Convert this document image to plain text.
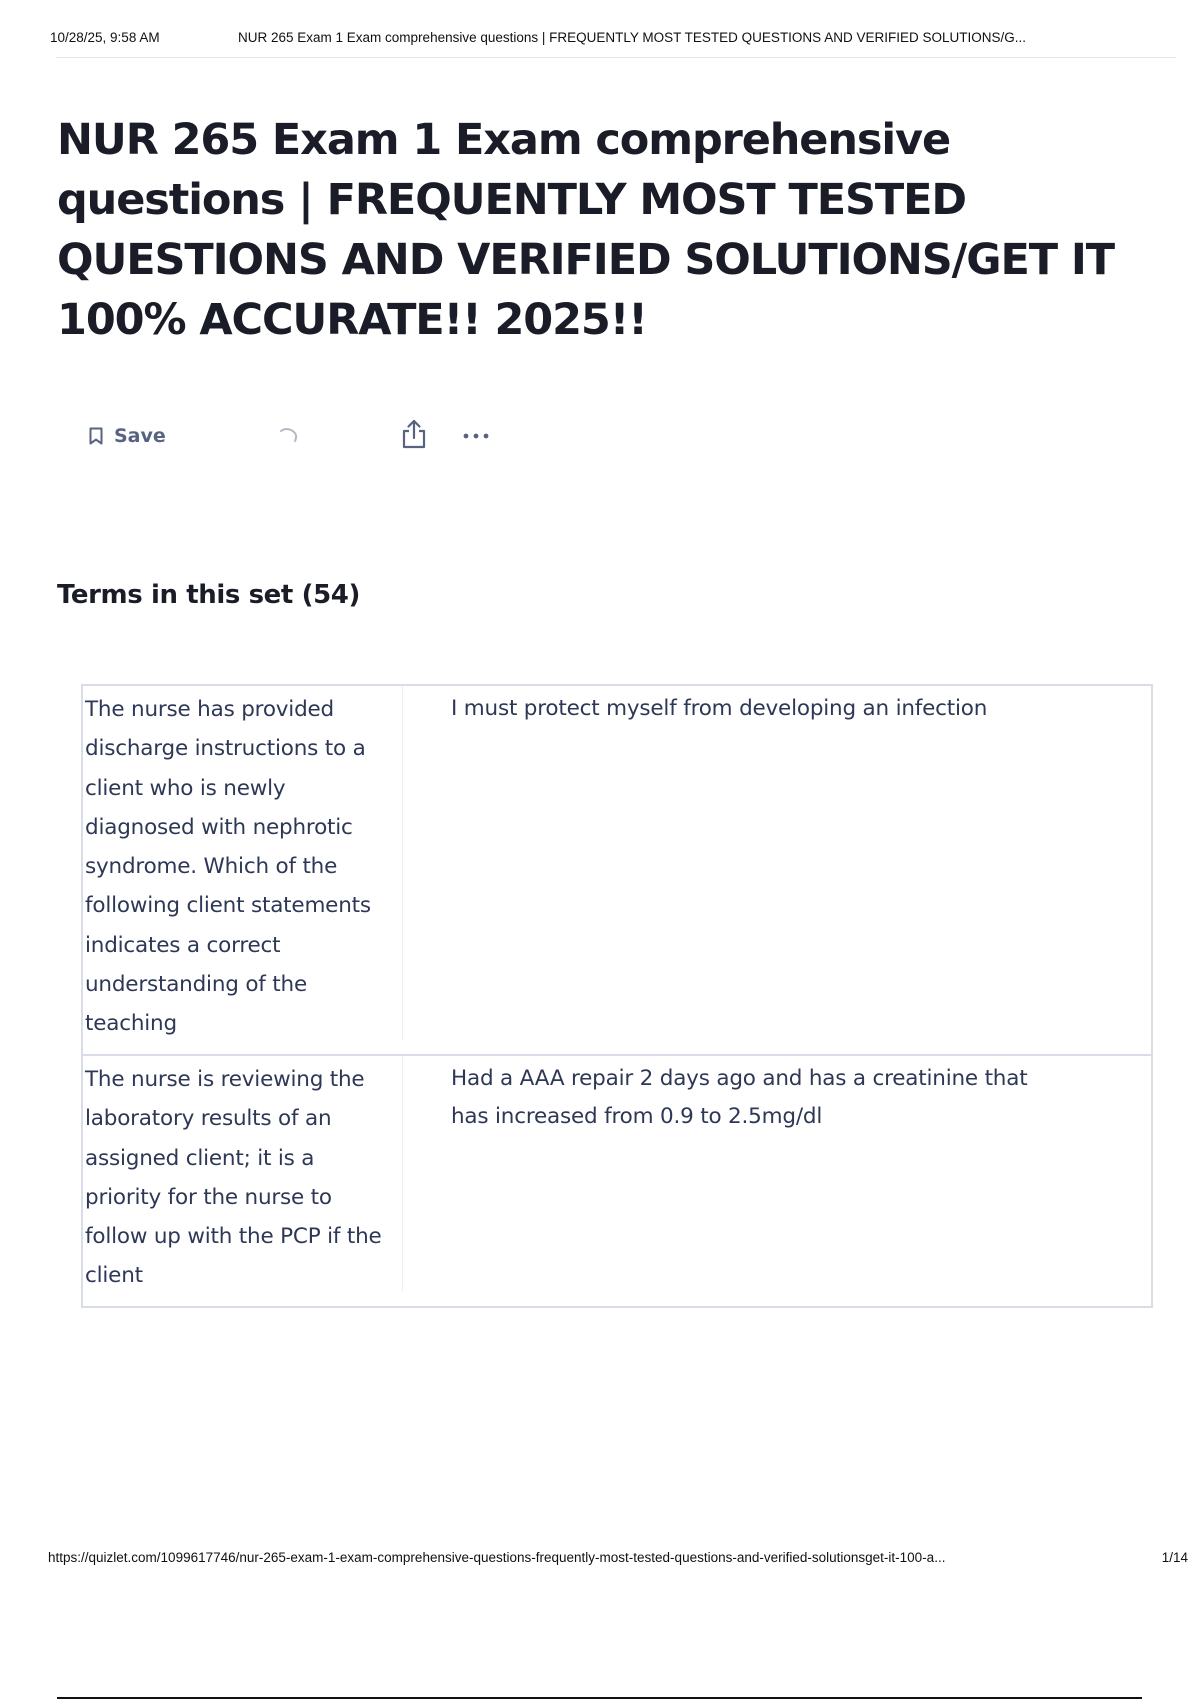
10/28/25, 9:58 AM	NUR 265 Exam 1 Exam comprehensive questions | FREQUENTLY MOST TESTED QUESTIONS AND VERIFIED SOLUTIONS/G...
NUR 265 Exam 1 Exam comprehensive questions | FREQUENTLY MOST TESTED QUESTIONS AND VERIFIED SOLUTIONS/GET IT 100% ACCURATE!! 2025!!
Save
Terms in this set (54)
The nurse has provided discharge instructions to a client who is newly diagnosed with nephrotic syndrome. Which of the following client statements indicates a correct understanding of the teaching
I must protect myself from developing an infection
The nurse is reviewing the laboratory results of an assigned client; it is a priority for the nurse to follow up with the PCP if the client
Had a AAA repair 2 days ago and has a creatinine that has increased from 0.9 to 2.5mg/dl
https://quizlet.com/1099617746/nur-265-exam-1-exam-comprehensive-questions-frequently-most-tested-questions-and-verified-solutionsget-it-100-a...	1/14
